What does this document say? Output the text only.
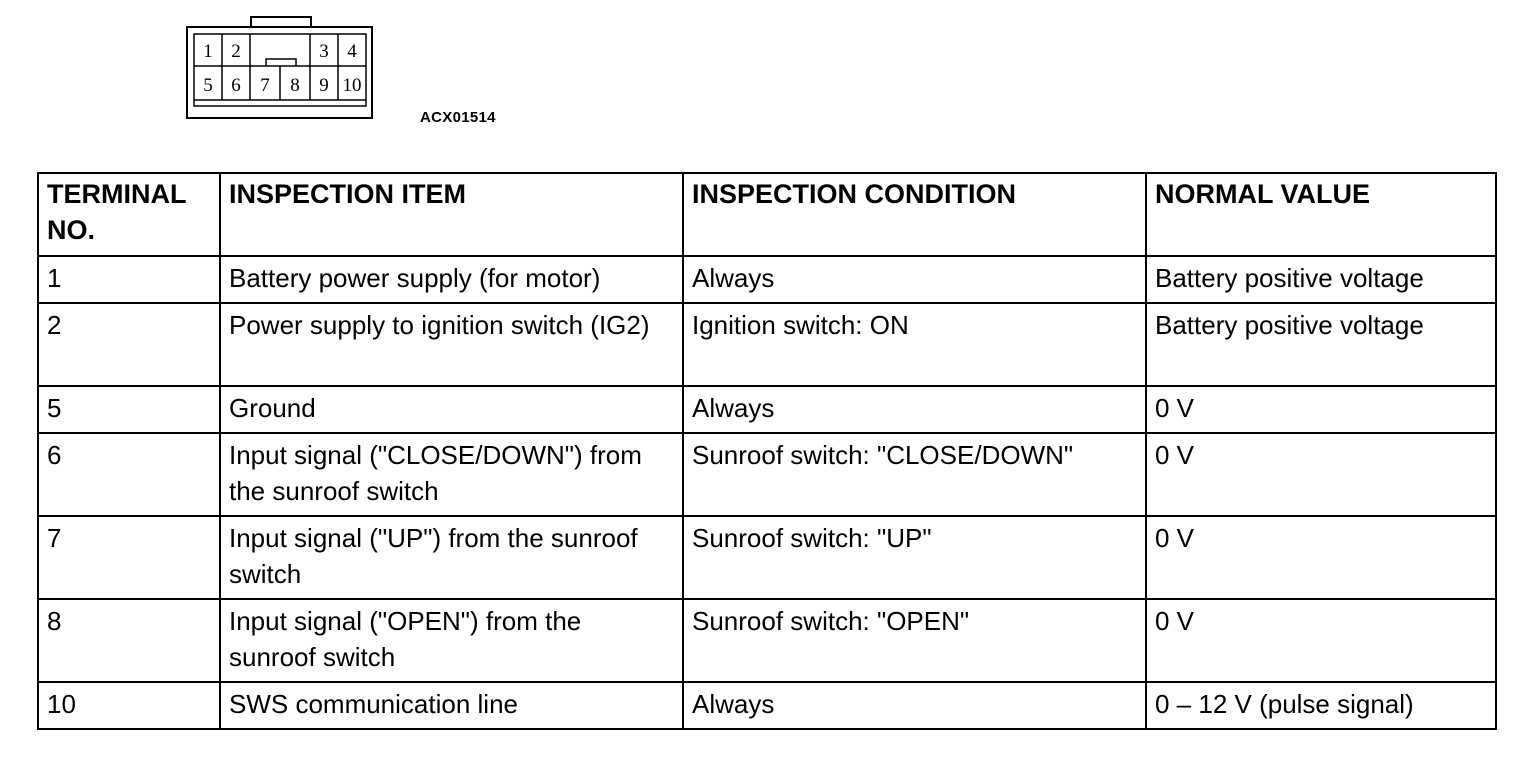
1 2	3 4
5 6 7 8 9 10
ACX01514
TERMINAL NO.	INSPECTION ITEM	INSPECTION CONDITION	NORMAL VALUE
1	Battery power supply (for motor)	Always	Battery positive voltage
2	Power supply to ignition switch (IG2)	Ignition switch: ON	Battery positive voltage
5	Ground	Always	0 V
6	Input signal ("CLOSE/DOWN") from the sunroof switch	Sunroof switch: "CLOSE/DOWN"	0 V
7	Input signal ("UP") from the sunroof switch	Sunroof switch: "UP"	0 V
8	Input signal ("OPEN") from the sunroof switch	Sunroof switch: "OPEN"	0 V
10	SWS communication line	Always	0 – 12 V (pulse signal)
